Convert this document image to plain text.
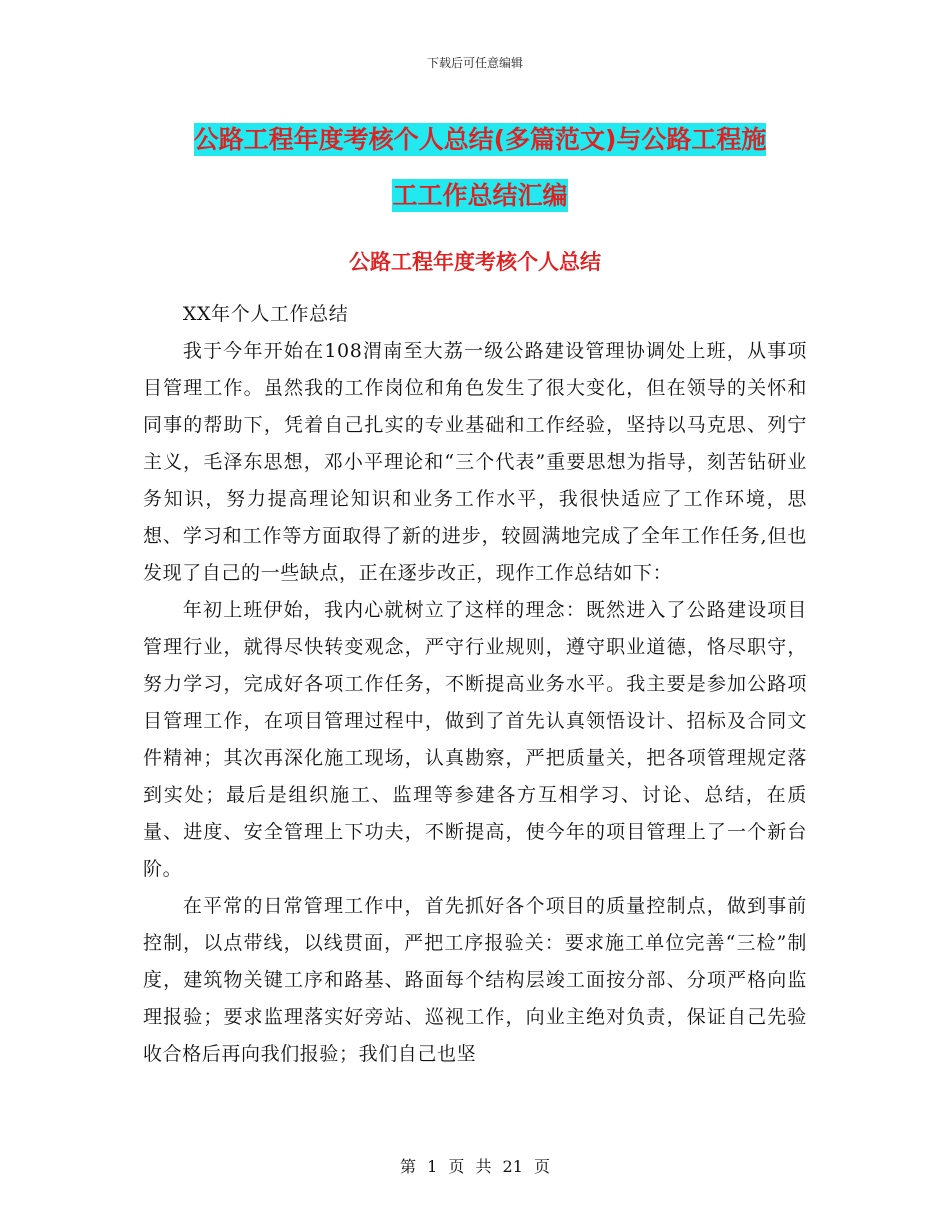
下载后可任意编辑
公路工程年度考核个人总结(多篇范文)与公路工程施
工工作总结汇编
公路工程年度考核个人总结

XX年个人工作总结

我于今年开始在108渭南至大荔一级公路建设管理协调处上班，从事项目管理工作。虽然我的工作岗位和角色发生了很大变化，但在领导的关怀和同事的帮助下，凭着自己扎实的专业基础和工作经验，坚持以马克思、列宁主义，毛泽东思想，邓小平理论和“三个代表”重要思想为指导，刻苦钻研业务知识，努力提高理论知识和业务工作水平，我很快适应了工作环境，思想、学习和工作等方面取得了新的进步，较圆满地完成了全年工作任务,但也发现了自己的一些缺点，正在逐步改正，现作工作总结如下：

年初上班伊始，我内心就树立了这样的理念：既然进入了公路建设项目管理行业，就得尽快转变观念，严守行业规则，遵守职业道德，恪尽职守，努力学习，完成好各项工作任务，不断提高业务水平。我主要是参加公路项目管理工作，在项目管理过程中，做到了首先认真领悟设计、招标及合同文件精神；其次再深化施工现场，认真勘察，严把质量关，把各项管理规定落到实处；最后是组织施工、监理等参建各方互相学习、讨论、总结，在质量、进度、安全管理上下功夫，不断提高，使今年的项目管理上了一个新台阶。

在平常的日常管理工作中，首先抓好各个项目的质量控制点，做到事前控制，以点带线，以线贯面，严把工序报验关：要求施工单位完善“三检”制度，建筑物关键工序和路基、路面每个结构层竣工面按分部、分项严格向监理报验；要求监理落实好旁站、巡视工作，向业主绝对负责，保证自己先验收合格后再向我们报验；我们自己也坚

第 1 页 共 21 页
